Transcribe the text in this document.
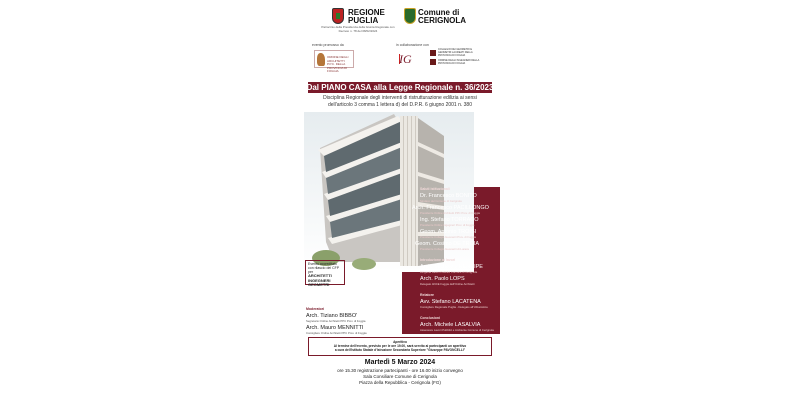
REGIONE
PUGLIA
Patrocinio della Presidenza della Giunta Regionale con Decreto n. 78 del 08/02/2024
Comune di
CERIGNOLA
evento promosso da	in collaborazione con
ORDINE DEGLI ARCHITETTI P.P.C. DELLA PROVINCIA DI FOGGIA
IG
COLLEGIO DEI GEOMETRI E GEOMETRI LAUREATI DELLA PROVINCIA DI FOGGIA
ORDINE DEGLI INGEGNERI DELLA PROVINCIA DI FOGGIA
Dal PIANO CASA alla Legge Regionale n. 36/2023
Disciplina Regionale degli interventi di ristrutturazione edilizia ai sensi
dell'articolo 3 comma 1 lettera d) del D.P.R. 6 giugno 2001 n. 380
Evento accreditato
con rilascio dei CFP per
ARCHITETTI
INGEGNERI
GEOMETRI
Saluti istituzionali
Dr. Francesco BONITO
Sindaco del Comune di Cerignola
Arch. Francesco PACILLONGO
Presidente Ordine Architetti PPC Prov. di Foggia
Ing. Stefano TORRACO
Presidente Ordine Ingegneri Prov. di Foggia
Geom. Antonio TROISI
Presidente Collegio Geometri Prov. di Foggia
Geom. Cosimo DE TROIA
Presidente Collegio Geometri di Lucera
Introduzione ai lavori
Arch. Michele PRENCIPE
Dirigente Lavori Pubblici Comune di Cerignola
Arch. Paolo LOPS
Delegato ANCE Foggia dell'Ordine Architetti
Relatore
Avv. Stefano LACATENA
Consigliere Regionale Puglia - Delegato all'Urbanistica
Moderatori
Arch. Tiziano BIBBO'
Segretario Ordine Architetti PPC Prov. di Foggia
Arch. Mauro MENNITTI
Consigliere Ordine Architetti PPC Prov. di Foggia
Conclusioni
Arch. Michele LASALVIA
Assessore Lavori Pubblici e Ambiente Comune di Cerignola
Aperitivo
Al termine dell'evento, previsto per le ore 19.00, sarà servito ai partecipanti un aperitivo
a cura dell'Istituto Statale d'Istruzione Secondaria Superiore "Giuseppe PAVONCELLI"
Martedì 5 Marzo 2024
ore 15.30 registrazione partecipanti - ore 16.00 inizio convegno
Sala Consiliare Comune di Cerignola
Piazza della Repubblica - Cerignola (FG)
